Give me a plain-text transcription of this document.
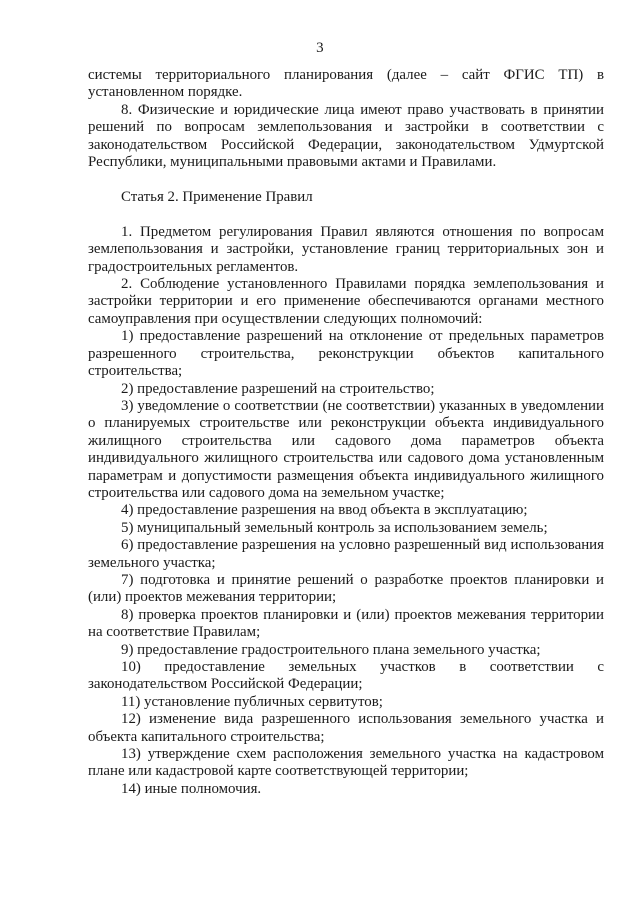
3

системы территориального планирования (далее – сайт ФГИС ТП) в установленном порядке.

8. Физические и юридические лица имеют право участвовать в принятии решений по вопросам землепользования и застройки в соответствии с законодательством Российской Федерации, законодательством Удмуртской Республики, муниципальными правовыми актами и Правилами.

Статья 2. Применение Правил

1. Предметом регулирования Правил являются отношения по вопросам землепользования и застройки, установление границ территориальных зон и градостроительных регламентов.

2. Соблюдение установленного Правилами порядка землепользования и застройки территории и его применение обеспечиваются органами местного самоуправления при осуществлении следующих полномочий:

1) предоставление разрешений на отклонение от предельных параметров разрешенного строительства, реконструкции объектов капитального строительства;

2) предоставление разрешений на строительство;

3) уведомление о соответствии (не соответствии) указанных в уведомлении о планируемых строительстве или реконструкции объекта индивидуального жилищного строительства или садового дома параметров объекта индивидуального жилищного строительства или садового дома установленным параметрам и допустимости размещения объекта индивидуального жилищного строительства или садового дома на земельном участке;

4) предоставление разрешения на ввод объекта в эксплуатацию;

5) муниципальный земельный контроль за использованием земель;

6) предоставление разрешения на условно разрешенный вид использования земельного участка;

7) подготовка и принятие решений о разработке проектов планировки и (или) проектов межевания территории;

8) проверка проектов планировки и (или) проектов межевания территории на соответствие Правилам;

9) предоставление градостроительного плана земельного участка;

10) предоставление земельных участков в соответствии с законодательством Российской Федерации;

11) установление публичных сервитутов;

12) изменение вида разрешенного использования земельного участка и объекта капитального строительства;

13) утверждение схем расположения земельного участка на кадастровом плане или кадастровой карте соответствующей территории;

14) иные полномочия.
